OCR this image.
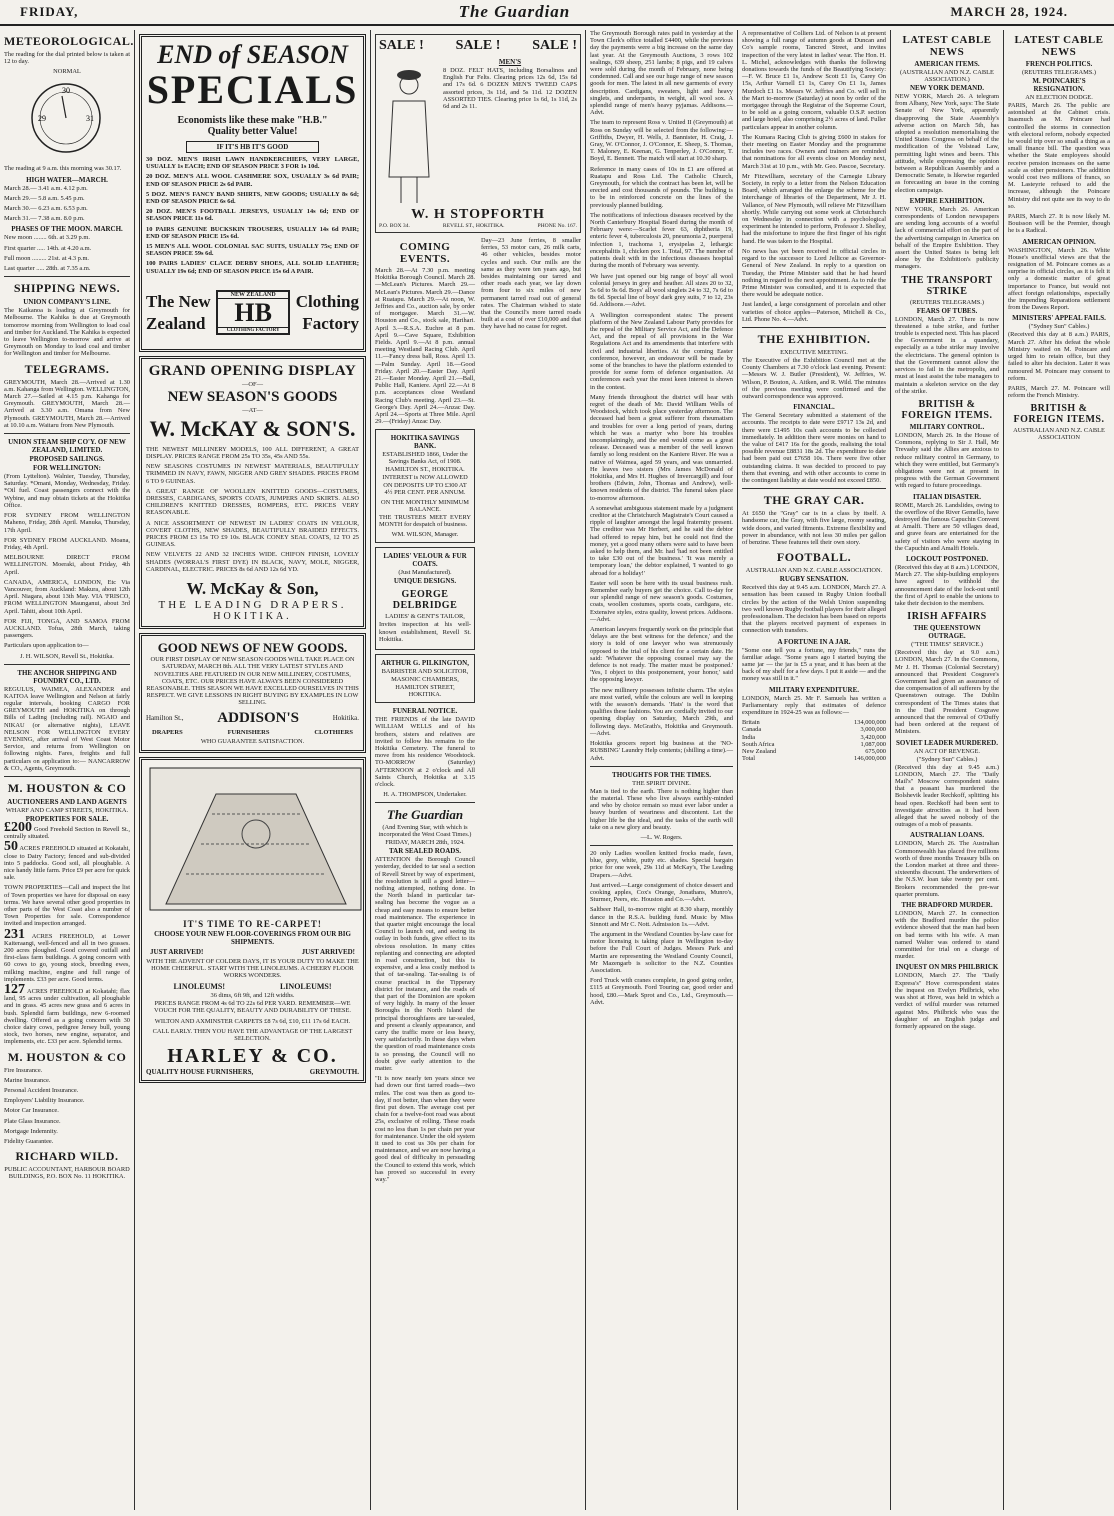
FRIDAY,	The Guardian	MARCH 28, 1924.
METEOROLOGICAL.

The reading for the dial printed below is taken at 12 to day.

NORMAL
30
29	31

The reading at 9 a.m. this morning was 30.17.

HIGH WATER—MARCH.

March 28.— 3.41 a.m. 4.12 p.m.

March 29.— 5.8 a.m. 5.45 p.m.

March 30.— 6.23 a.m. 6.53 p.m.

March 31.— 7.38 a.m. 8.0 p.m.

PHASES OF THE MOON. MARCH.

New moon ........ 6th. at 3.29 p.m.

First quarter ..... 14th. at 4.20 a.m.

Full moon ......... 21st. at 4.3 p.m.

Last quarter ..... 28th. at 7.35 a.m.

SHIPPING NEWS.
UNION COMPANY'S LINE.

The Kaikanoa is loading at Greymouth for Melbourne. The Kahika is due at Greymouth tomorrow morning from Wellington to load coal and timber for Auckland. The Kahika is expected to leave Wellington to-morrow and arrive at Greymouth on Monday to load coal and timber for Wellington and timber for Melbourne.

TELEGRAMS.

GREYMOUTH, March 28.—Arrived at 1.30 a.m. Kahanga from Wellington. WELLINGTON, March 27.—Sailed at 4.15 p.m. Kahanga for Greymouth. GREYMOUTH, March 28.—Arrived at 3.30 a.m. Omana from New Plymouth. GREYMOUTH, March 28.—Arrived at 10.10 a.m. Waitaru from New Plymouth.

UNION STEAM SHIP CO'Y. OF NEW ZEALAND, LIMITED.
PROPOSED SAILINGS.
FOR WELLINGTON:

(From Lyttelton). Walnier, Tuesday, Thursday, Saturday. *Omani, Monday, Wednesday, Friday. *Oil fuel. Coast passengers connect with the Wybine, and may obtain tickets at the Hokitika Office.

FOR SYDNEY FROM WELLINGTON Maheno, Friday, 28th April. Manuka, Thursday, 17th April.

FOR SYDNEY FROM AUCKLAND. Moana, Friday, 4th April.

MELBOURNE DIRECT FROM WELLINGTON. Moeraki, about Friday, 4th April.

CANADA, AMERICA, LONDON, Etc Via Vancouver, from Auckland: Makura, about 12th April. Niagara, about 13th May. VIA 'FRISCO, FROM WELLINGTON Maunganui, about 3rd April. Tahiti, about 10th April.

FOR FIJI, TONGA, AND SAMOA FROM AUCKLAND. Tofua, 28th March, taking passengers.

Particulars upon application to—

J. H. WILSON, Revell St., Hokitika.
THE ANCHOR SHIPPING AND FOUNDRY CO., LTD.

REGULUS, WAIMEA, ALEXANDER and KAITOA leave Wellington and Nelson at fairly regular intervals, booking CARGO FOR GREYMOUTH and HOKITIKA on through Bills of Lading (including rail). NGAIO and NIKAU (or alternative nights), LEAVE NELSON FOR WELLINGTON EVERY EVENING, after arrival of West Coast Motor Service, and returns from Wellington on following nights. Fares, freights and full particulars on application to:— NANCARROW & CO., Agents, Greymouth.

M. HOUSTON & CO
AUCTIONEERS AND LAND AGENTS
WHARF AND CAMP STREETS, HOKITIKA.
PROPERTIES FOR SALE.

£200 Good Freehold Section in Revell St., centrally situated.

50 ACRES FREEHOLD situated at Kokatahi, close to Dairy Factory; fenced and sub-divided into 5 paddocks. Good soil, all ploughable. A nice handy little farm. Price £9 per acre for quick sale.

TOWN PROPERTIES—Call and inspect the list of Town properties we have for disposal on easy terms. We have several other good properties in other parts of the West Coast also a number of Town Properties for sale. Correspondence invited and inspection arranged.

231 ACRES FREEHOLD, at Lower Kaiteraangi, well-fenced and all in two grasses. 200 acres ploughed. Good covered outfall and first-class farm buildings. A going concern with 60 cows to go, young stock, breeding ewes, milking machine, engine and full range of implements. £33 per acre. Good terms.

127 ACRES FREEHOLD at Kokatahi; flax land, 95 acres under cultivation, all ploughable and in grass. 45 acres new grass and 6 acres in bush. Splendid farm buildings, new 6-roomed dwelling. Offered as a going concern with 30 choice dairy cows, pedigree Jersey bull, young stock, two horses, new engine, separator, and implements, etc. £33 per acre. Splendid terms.

M. HOUSTON & CO

Fire Insurance.

Marine Insurance.

Personal Accident Insurance.

Employers' Liability Insurance.

Motor Car Insurance.

Plate Glass Insurance.

Mortgage Indemnity.

Fidelity Guarantee.

RICHARD WILD.
PUBLIC ACCOUNTANT, HARBOUR BOARD BUILDINGS, P.O. BOX No. 11 HOKITIKA.
END of SEASON
SPECIALS
Economists like these make "H.B." Quality better Value!
IF IT'S HB IT'S GOOD

30 DOZ. MEN'S IRISH LAWN HANDKERCHIEFS, VERY LARGE, USUALLY 1s EACH; END OF SEASON PRICE 3 FOR 1s 10d.

20 DOZ. MEN'S ALL WOOL CASHMERE SOX, USUALLY 3s 6d PAIR; END OF SEASON PRICE 2s 6d PAIR.

5 DOZ. MEN'S FANCY BAND SHIRTS, NEW GOODS; USUALLY 8s 6d; END OF SEASON PRICE 6s 6d.

20 DOZ. MEN'S FOOTBALL JERSEYS, USUALLY 14s 6d; END OF SEASON PRICE 11s 6d.

10 PAIRS GENUINE BUCKSKIN TROUSERS, USUALLY 14s 6d PAIR; END OF SEASON PRICE 15s 6d.

15 MEN'S ALL WOOL COLONIAL SAC SUITS, USUALLY 75s; END OF SEASON PRICE 59s 6d.

100 PAIRS LADIES' CLACE DERBY SHOES, ALL SOLID LEATHER; USUALLY 19s 6d; END OF SEASON PRICE 15s 6d A PAIR.

The New
Zealand
NEW ZEALAND
HB
CLOTHING FACTORY
Clothing
Factory
GRAND OPENING DISPLAY
—OF—
NEW SEASON'S GOODS
—AT—
W. McKAY & SON'S.

THE NEWEST MILLINERY MODELS, 100 ALL DIFFERENT, A GREAT DISPLAY. PRICES RANGE FROM 25s TO 35s, 45s AND 55s.

NEW SEASONS COSTUMES IN NEWEST MATERIALS, BEAUTIFULLY TRIMMED IN NAVY, FAWN, NIGGER AND GREY SHADES. PRICES FROM 6 TO 9 GUINEAS.

A GREAT RANGE OF WOOLLEN KNITTED GOODS—COSTUMES, DRESSES, CARDIGANS, SPORTS COATS, JUMPERS AND SKIRTS. ALSO CHILDREN'S KNITTED DRESSES, ROMPERS, ETC. PRICES VERY REASONABLE.

A NICE ASSORTMENT OF NEWEST IN LADIES' COATS IN VELOUR, COVERT CLOTHS, NEW SHADES, BEAUTIFULLY BRAIDED EFFECTS. PRICES FROM £3 15s TO £9 10s. BLACK CONEY SEAL COATS, 12 TO 25 GUINEAS.

NEW VELVETS 22 AND 32 INCHES WIDE. CHIFON FINISH, LOVELY SHADES (WORRAL'S FIRST DYE) IN BLACK, NAVY, MOLE, NIGGER, CARDINAL, ELECTRIC. PRICES 8s 6d AND 12s 6d YD.

W. McKay & Son,
THE LEADING DRAPERS.
HOKITIKA.
GOOD NEWS OF NEW GOODS.

OUR FIRST DISPLAY OF NEW SEASON GOODS WILL TAKE PLACE ON SATURDAY, MARCH 8th. ALL THE VERY LATEST STYLES AND NOVELTIES ARE FEATURED IN OUR NEW MILLINERY, COSTUMES, COATS, ETC. OUR PRICES HAVE ALWAYS BEEN CONSIDERED REASONABLE. THIS SEASON WE HAVE EXCELLED OURSELVES IN THIS RESPECT. WE GIVE LESSONS IN RIGHT BUYING BY EXAMPLES IN LOW SELLING.

Hamilton St., ADDISON'S	Hokitika.
DRAPERS	FURNISHERS	CLOTHIERS
WHO GUARANTEE SATISFACTION.
IT'S TIME TO RE-CARPET!
CHOOSE YOUR NEW FLOOR-COVERINGS FROM OUR BIG SHIPMENTS.
JUST ARRIVED!	JUST ARRIVED!

WITH THE ADVENT OF COLDER DAYS, IT IS YOUR DUTY TO MAKE THE HOME CHEERFUL. START WITH THE LINOLEUMS. A CHEERY FLOOR WORKS WONDERS.

LINOLEUMS!	LINOLEUMS!
36 dims, 6ft 9ft, and 12ft widths.

PRICES RANGE FROM 4s 6d TO 22s 6d PER YARD. REMEMBER—WE VOUCH FOR THE QUALITY, BEAUTY AND DURABILITY OF THESE.

WILTON AND AXMINSTER CARPETS £8 7s 6d, £10, £11 17s 6d EACH.

CALL EARLY. THEN YOU HAVE THE ADVANTAGE OF THE LARGEST SELECTION.

HARLEY & CO.
QUALITY HOUSE FURNISHERS,	GREYMOUTH.
SALE ! SALE ! SALE !
MEN'S

8 DOZ. FELT HATS, including Borsalinos and English Fur Felts. Clearing prices 12s 6d, 15s 6d and 17s 6d. 6 DOZEN MEN'S TWEED CAPS assorted prices, 3s 11d, and 5s 11d. 12 DOZEN ASSORTED TIES. Clearing price 1s 6d, 1s 11d, 2s 6d and 2s 11.

W. H STOPFORTH
P.O. BOX 34.	REVELL ST., HOKITIKA.	PHONE No. 167.
COMING EVENTS.

March 28.—At 7.30 p.m. meeting Hokitika Borough Council. March 28.—McLean's Pictures. March 29.—McLean's Pictures. March 29.—Dance at Ruatapu. March 29.—At noon, W. Jeffries and Co., auction sale, by order of mortgagee. March 31.—W. Houston and Co., stock sale, Harihari. April 3.—R.S.A. Euchre at 8 p.m. April 9.—Cave Square, Exhibition Fields. April 9.—At 8 p.m. annual meeting Westland Racing Club. April 11.—Fancy dress ball, Ross. April 13.—Palm Sunday. April 18.—Good Friday. April 20.—Easter Day. April 21.—Easter Monday. April 21.—Ball, Public Hall, Kaniere. April 22.—At 8 p.m. acceptances close Westland Racing Club's meeting. April 23.—St. George's Day. April 24.—Anzac Day. April 24.—Sports at Three Mile. April 29.—(Friday) Anzac Day.

HOKITIKA SAVINGS BANK.
ESTABLISHED 1866, Under the Savings Banks Act, of 1908.
HAMILTON ST., HOKITIKA.

INTEREST is NOW ALLOWED ON DEPOSITS UP TO £300 AT 4½ PER CENT. PER ANNUM.

ON THE MONTHLY MINIMUM BALANCE.

THE TRUSTEES MEET EVERY MONTH for despatch of business.

WM. WILSON, Manager.
LADIES' VELOUR & FUR COATS.
(Just Manufactured).
UNIQUE DESIGNS.
GEORGE DELBRIDGE
LADIES' & GENT'S TAILOR,

Invites inspection at his well-known establishment, Revell St. Hokitika.

ARTHUR G. PILKINGTON,
BARRISTER AND SOLICITOR,
MASONIC CHAMBERS,
HAMILTON STREET, HOKITIKA.
FUNERAL NOTICE.

THE FRIENDS of the late DAVID WILLIAM WELLS and of his brothers, sisters and relatives are invited to follow his remains to the Hokitika Cemetery. The funeral to move from his residence Woodstock. TO-MORROW (Saturday) AFTERNOON at 2 o'clock and All Saints Church, Hokitika at 3.15 o'clock.

H. A. THOMPSON, Undertaker.
The Guardian
(And Evening Star, with which is incorporated the West Coast Times.)
FRIDAY, MARCH 28th, 1924.
TAR SEALED ROADS.

ATTENTION the Borough Council yesterday, decided to tar seal a section of Revell Street by way of experiment, the resolution is still a good letter—nothing attempted, nothing done. In the North Island in particular tar-sealing has become the vogue as a cheap and easy means to ensure better road maintenance. The experience in that quarter might encourage the local Council to launch out, and seeing its outlay in both funds, give effect to its obvious resolution. In many cities replanting and connecting are adopted in road construction, but this is expensive, and a less costly method is that of tar-sealing. Tar-sealing is of course practical in the Tipperary district for instance, and the roads of that part of the Dominion are spoken of very highly. In many of the lesser Boroughs in the North Island the principal thoroughfares are tar-sealed, and present a cleanly appearance, and carry the traffic more or less heavy, very satisfactorily. In these days when the question of road maintenance costs is so pressing, the Council will no doubt give early attention to the matter.

"It is now nearly ten years since we had down our first tarred roads—two miles. The cost was then as good to-day, if not better, than when they were first put down. The average cost per chain for a twelve-foot road was about 25s, exclusive of rolling. These roads cost no less than 1s per chain per year for maintenance. Under the old system it used to cost us 30s per chain for maintenance, and we are now having a good deal of difficulty in persuading the Council to extend this work, which has proved so successful in every way."

Day—23 June ferries, 8 smaller ferries, 53 motor cars, 26 milk carts, 46 other vehicles, besides motor cycles and such. Our mills are the same as they were ten years ago, but besides maintaining our tarred and other roads each year, we lay down from four to six miles of new permanent tarred road out of general rates. The Chairman wished to state that the Council's more tarred roads built at a cost of over £10,000 and that they have had no cause for regret.

The Greymouth Borough rates paid in yesterday at the Town Clerk's office totalled £4400, while the previous day the payments were a big increase on the same day last year. At the Greymouth Auctions, 3 rows 102 sealings, 639 sheep, 251 lambs; 8 pigs, and 19 calves were sold during the month of February, none being condemned. Call and see our huge range of new season goods for men. The latest in all new garments of every description. Cardigans, sweaters, light and heavy singlets, and underpants, in weight, all wool sox. A splendid range of men's heavy pyjamas. Addisons.—Advt.

The team to represent Ross v. United II (Greymouth) at Ross on Sunday will be selected from the following:—Griffiths, Dwyer, H. Wells, J. Bannister, H. Craig, J. Gray, W. O'Connor, J. O'Connor, E. Sheep, S. Thomas, T. Maloney, E. Keenan, G. Tenperley, J. O'Connor, T. Boyd, E. Bennett. The match will start at 10.30 sharp.

Reference in many cases of 10s in £1 are offered at Ruatapu and Ross Ltd. The Catholic Church, Greymouth, for which the contract has been let, will be erected and cost thousands of pounds. The building is to be in reinforced concrete on the lines of the previously planned building.

The notifications of infectious diseases received by the North Canterbury Hospital Board during the month of February were:—Scarlet fever 63, diphtheria 19, enteric fever 4, tuberculosis 20, pneumonia 2, puerperal infection 1, trachoma 1, erysipelas 2, lethargic encephalitis 1, chicken pox 1. Total, 97. The number of patients dealt with in the infectious diseases hospital during the month of February was seventy.

We have just opened our big range of boys' all wool colonial jerseys in grey and heather. All sizes 20 to 32, 5s 6d to 9s 6d. Boys' all wool singlets 24 to 32, 7s 6d to 8s 6d. Special line of boys' dark grey suits, 7 to 12, 23s 6d. Addisons.—Advt.

A Wellington correspondent states: The present platform of the New Zealand Labour Party provides for the repeal of the Military Service Act, and the Defence Act, and the repeal of all provisions in the War Regulations Act and its amendments that interfere with civil and industrial liberties. At the coming Easter conference, however, an endeavour will be made by some of the branches to have the platform extended to provide for some form of defence organisation. At conferences each year the most keen interest is shown in the contest.

Many friends throughout the district will hear with regret of the death of Mr. David William Wells of Woodstock, which took place yesterday afternoon. The deceased had been a great sufferer from rheumatism and troubles for over a long period of years, during which he was a martyr who bore his troubles uncomplainingly, and the end would come as a great release. Deceased was a member of the well known family so long resident on the Kaniere River. He was a native of Waimea, aged 59 years, and was unmarried. He leaves two sisters (Mrs James McDonald of Hokitika, and Mrs H. Hughes of Invercargill) and four brothers (Edwin, John, Thomas and Andrew), well-known residents of the district. The funeral takes place to-morrow afternoon.

A somewhat ambiguous statement made by a judgment creditor at the Christchurch Magistrate's Court caused a ripple of laughter amongst the legal fraternity present. The creditor was Mr Herbert, and he said the debtor had offered to repay him, but he could not find the money, yet a good many others were said to have been asked to help them, and Mr. had 'had not been entitled to take £30 out of the business.' 'It was merely a temporary loan,' the debtor explained, 'I wanted to go abroad for a holiday!'

Easter will soon be here with its usual business rush. Remember early buyers get the choice. Call to-day for our splendid range of new season's goods. Costumes, coats, woollen costumes, sports coats, cardigans, etc. Extensive styles, extra quality, lowest prices. Addisons.—Advt.

American lawyers frequently work on the principle that 'delays are the best witness for the defence,' and the story is told of one lawyer who was strenuously opposed to the trial of his client for a certain date. He said: 'Whatever the opposing counsel may say the defence is not ready. The matter must be postponed.' 'Yes, I object to this postponement, your honor,' said the opposing lawyer.

The new millinery possesses infinite charm. The styles are most varied, while the colours are well in keeping with the season's demands. 'Hats' is the word that qualifies these fashions. You are cordially invited to our opening display on Saturday, March 29th, and following days. McGrath's, Hokitika and Greymouth.—Advt.

Hokitika grocers report big business at the 'NO-RUBBING' Laundry Help contents; (shilling a time).—Advt.

THOUGHTS FOR THE TIMES.
THE SPIRIT DIVINE.

Man is tied to the earth. There is nothing higher than the material. These who live always earthly-minded and who by choice remain so must ever labor under a heavy burden of weariness and discontent. Let the higher life be the ideal, and the tasks of the earth will take on a new glory and beauty.

—L. W. Rogers.

20 only Ladies woollen knitted frocks made, fawn, blue, grey, white, putty etc. shades. Special bargain price for one week, 29s 11d at McKay's, The Leading Drapers.—Advt.

Just arrived.—Large consignment of choice dessert and cooking apples, Cox's Orange, Jonathans, Munro's, Sturmer, Peers, etc. Houston and Co.—Advt.

Saltbeer Hall, to-morrow night at 8.30 sharp, monthly dance in the R.S.A. building fund. Music by Miss Sinnott and Mr C. Nott. Admission 1s.—Advt.

The argument in the Westland Counties by-law case for motor licensing is taking place in Wellington to-day before the Full Court of Judges. Messrs Park and Martin are representing the Westland County Council, Mr Mazengarb is solicitor to the N.Z. Counties Association.

Ford Truck with cranes complete, in good going order, £115 at Greymouth. Ford Touring car, good order and hood, £80.—Mark Sprot and Co., Ltd., Greymouth.—Advt.

A representative of Colliers Ltd. of Nelson is at present showing a full range of autumn goods at Duncan and Co's sample rooms, Tancred Street, and invites inspection of the very latest in ladies' wear. The Hon. H. L. Michel, acknowledges with thanks the following donations towards the funds of the Beautifying Society:—F. W. Bruce £1 1s, Andrew Scott £1 1s, Carey On 15s, Arthur Varnell £1 1s, Carey On £1 1s, James Murdoch £1 1s. Messrs W. Jeffries and Co. will sell in the Mart to-morrow (Saturday) at noon by order of the mortgagee through the Registrar of the Supreme Court, to be sold as a going concern, valuable O.S.P. section and large hotel, also comprising 2½ acres of land. Fuller particulars appear in another column.

The Kumara Racing Club is giving £600 in stakes for their meeting on Easter Monday and the programme includes two races. Owners and trainers are reminded that nominations for all events close on Monday next, March 31st at 10 p.m., with Mr. Geo. Pascoe, Secretary.

Mr Fitzwilliam, secretary of the Carnegie Library Society, in reply to a letter from the Nelson Education Board, which arranged the enlarge the scheme for the interchange of libraries of the Department, Mr J. H. Vallance, of New Plymouth, will relieve Mr Fitzwilliam shortly. While carrying out some work at Christchurch on Wednesday in connection with a psychological experiment he intended to perform, Professor J. Shelley, had the misfortune to injure the first finger of his right hand. He was taken to the Hospital.

No news has yet been received in official circles in regard to the successor to Lord Jellicoe as Governor-General of New Zealand. In reply to a question on Tuesday, the Prime Minister said that he had heard nothing in regard to the next appointment. As to rule the Prime Minister was consulted, and it is expected that there would be adequate notice.

Just landed, a large consignment of porcelain and other varieties of choice apples—Paterson, Mitchell & Co., Ltd. Phone No. 4.—Advt.

THE EXHIBITION.
EXECUTIVE MEETING.

The Executive of the Exhibition Council met at the County Chambers at 7.30 o'clock last evening. Present:—Messrs W. J. Butler (President), W. Jeffries, W. Wilson, P. Bouton, A. Aitken, and R. Wild. The minutes of the previous meeting were confirmed and the outward correspondence was approved.

FINANCIAL.

The General Secretary submitted a statement of the accounts. The receipts to date were £9717 13s 2d, and there were £1495 10s cash accounts to be collected immediately. In addition there were monies on hand to the value of £417 16s for the goods, realising the total possible revenue £8831 18s 2d. The expenditure to date had been paid out £7658 10s. There were five other outstanding claims. It was decided to proceed to pay them that evening, and with other accounts to come in the contingent liability at date would not exceed £850.

THE GRAY CAR.

At £650 the "Gray" car is in a class by itself. A handsome car, the Gray, with five large, roomy seating, wide doors, and varied fitments. Extreme flexibility and power in abundance, with not less 30 miles per gallon of benzine. These features tell their own story.

FOOTBALL.
AUSTRALIAN AND N.Z. CABLE ASSOCIATION.
RUGBY SENSATION.

Received this day at 9.45 a.m. LONDON, March 27. A sensation has been caused in Rugby Union football circles by the action of the Welsh Union suspending two well known Rugby football players for their alleged professionalism. The decision has been based on reports that the players received payment of expenses in connection with transfers.

A FORTUNE IN A JAR.

"Some one tell you a fortune, my friends," runs the familiar adage. "Some years ago I started buying the same jar — the jar is £5 a year, and it has been at the back of my shelf for a few days. I put it aside — and the money was still in it."

MILITARY EXPENDITURE.

LONDON, March 25. Mr F. Samuels has written a Parliamentary reply that estimates of defence expenditure in 1924-25 was as follows:—

Britain	134,000,000
Canada	3,000,000
India	3,420,000
South Africa	1,087,000
New Zealand	675,000
Total	146,000,000
LATEST CABLE NEWS
AMERICAN ITEMS.
(AUSTRALIAN AND N.Z. CABLE ASSOCIATION.)
NEW YORK DEMAND.

NEW YORK, March 26. A telegram from Albany, New York, says: The State Senate of New York, apparently disapproving the State Assembly's adverse action on March 5th, has adopted a resolution memorialising the United States Congress on behalf of the modification of the Volstead Law, permitting light wines and beers. This attitude, while expressing the opinion between a Republican Assembly and a Democratic Senate, is likewise regarded as forecasting an issue in the coming election campaign.

EMPIRE EXHIBITION.

NEW YORK, March 26. American correspondents of London newspapers are sending long accounts of a woeful lack of commercial effort on the part of the advertising campaign in America on behalf of the Empire Exhibition. They assert the United States is being left alone by the Exhibition's publicity managers.

THE TRANSPORT STRIKE
(REUTERS TELEGRAMS.)
FEARS OF TUBES.

LONDON, March 27. There is now threatened a tube strike, and further trouble is expected next. This has placed the Government in a quandary, especially as a tube strike may involve the electricians. The general opinion is that the Government cannot allow the services to fail in the metropolis, and must at least assist the tube managers to maintain a skeleton service on the day of the strike.

BRITISH & FOREIGN ITEMS.
MILITARY CONTROL.

LONDON, March 26. In the House of Commons, replying to Sir J. Hall, Mr Trevasby said the Allies are anxious to reduce military control in Germany, to which they were entitled, but Germany's obligations were not at present in progress with the German Government with regard to future proceedings.

ITALIAN DISASTER.

ROME, March 26. Landslides, owing to the overflow of the River Gemello, have destroyed the famous Capuchin Convent at Amalfi. There are 50 villages dead, and grave fears are entertained for the safety of visitors who were staying in the Capuchin and Amalfi Hotels.

LOCKOUT POSTPONED.

(Received this day at 8 a.m.) LONDON, March 27. The ship-building employers have agreed to withhold the announcement date of the lock-out until the first of April to enable the unions to take their decision to the members.

IRISH AFFAIRS
THE QUEENSTOWN OUTRAGE.
("THE TIMES" SERVICE.)

(Received this day at 9.0 a.m.) LONDON, March 27. In the Commons, Mr J. H. Thomas (Colonial Secretary) announced that President Cosgrave's Government had given an assurance of due compensation of all sufferers by the Queenstown outrage. The Dublin correspondent of The Times states that in the Dail President Cosgrave announced that the removal of O'Duffy had been ordered at the request of Ministers.

SOVIET LEADER MURDERED.
AN ACT OF REVENGE.
("Sydney Sun" Cables.)

(Received this day at 9.45 a.m.) LONDON, March 27. The "Daily Mail's" Moscow correspondent states that a peasant has murdered the Bolshevik leader Rechkoff, splitting his head open. Rechkoff had been sent to investigate atrocities as it had been alleged that he saved nobody of the outrages of a mob of peasants.

AUSTRALIAN LOANS.

LONDON, March 26. The Australian Commonwealth has placed five millions worth of three months Treasury bills on the London market at three and three-sixteenths discount. The underwriters of the N.S.W. loan take twenty per cent. Brokers recommended the pre-war quarter premium.

THE BRADFORD MURDER.

LONDON, March 27. In connection with the Bradford murder the police evidence showed that the man had been on bad terms with his wife. A man named Walter was ordered to stand committed for trial on a charge of murder.

INQUEST ON MRS PHILBRICK

LONDON, March 27. The "Daily Express's" Hove correspondent states the inquest on Evelyn Philbrick, who was shot at Hove, was held in which a verdict of wilful murder was returned against Mrs. Philbrick who was the daughter of an English judge and formerly appeared on the stage.

LATEST CABLE NEWS
FRENCH POLITICS.
(REUTERS TELEGRAMS.)
M. POINCARE'S RESIGNATION.
AN ELECTION DODGE.

PARIS, March 26. The public are astonished at the Cabinet crisis. Inasmuch as M. Poincare had controlled the storms in connection with electoral reform, nobody expected he would trip over so small a thing as a small finance bill. The question was whether the State employees should receive pension increases on the same scale as other pensioners. The addition would cost two millions of francs, so M. Lasteyrie refused to add the increase, although the Poincare Ministry did not quite see its way to do so.

PARIS, March 27. It is now likely M. Bouisson will be the Premier, though he is a Radical.

AMERICAN OPINION.

WASHINGTON, March 26. White House's unofficial views are that the resignation of M. Poincare comes as a surprise in official circles, as it is felt it only a domestic matter of great importance to France, but would not affect foreign relationships, especially the impending Reparations settlement from the Dawes Report.

MINISTERS' APPEAL FAILS.
("Sydney Sun" Cables.)

(Received this day at 8 a.m.) PARIS, March 27. After his defeat the whole Ministry waited on M. Poincare and urged him to retain office, but they failed to alter his decision. Later it was rumoured M. Poincare may consent to reform.

PARIS, March 27. M. Poincare will reform the French Ministry.

BRITISH & FOREIGN ITEMS.
AUSTRALIAN AND N.Z. CABLE ASSOCIATION
